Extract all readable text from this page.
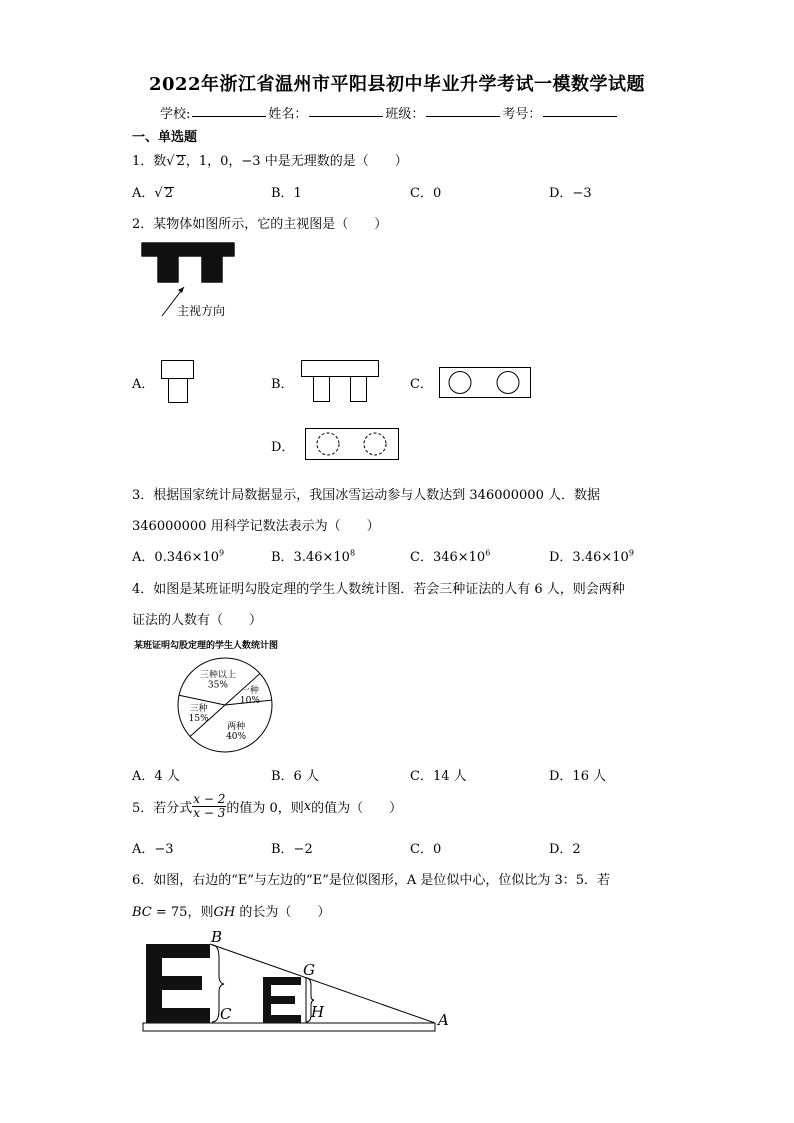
2022年浙江省温州市平阳县初中毕业升学考试一模数学试题
学校:	姓名：	班级：	考号：
一、单选题
1．数√ 2，1，0，−3 中是无理数的是（　　）
A．√ 2	B．1	C．0	D．−3
2．某物体如图所示，它的主视图是（　　）
主视方向
A．	B．	C．
D．
3．根据国家统计局数据显示，我国冰雪运动参与人数达到 346000000 人．数据
346000000 用科学记数法表示为（　　）
A．$0.346\times 10^9$	B．$3.46\times 10^8$	C．$346\times 10^6$	D．$3.46\times 10^9$
4．如图是某班证明勾股定理的学生人数统计图．若会三种证法的人有 6 人，则会两种
证法的人数有（　　）
某班证明勾股定理的学生人数统计图
三种以上
35%
一种
10%
两种
40%
三种
15%
A．4 人	B．6 人	C．14 人	D．16 人
5．若分式 $\frac{x - 2}{x - 3}$ 的值为 0，则 x 的值为（　　）
A．−3	B．−2	C．0	D．2
6．如图，右边的“E”与左边的“E”是位似图形，A 是位似中心，位似比为 3：5．若
BC = 75，则GH 的长为（　　）
B
C
G
H	A
